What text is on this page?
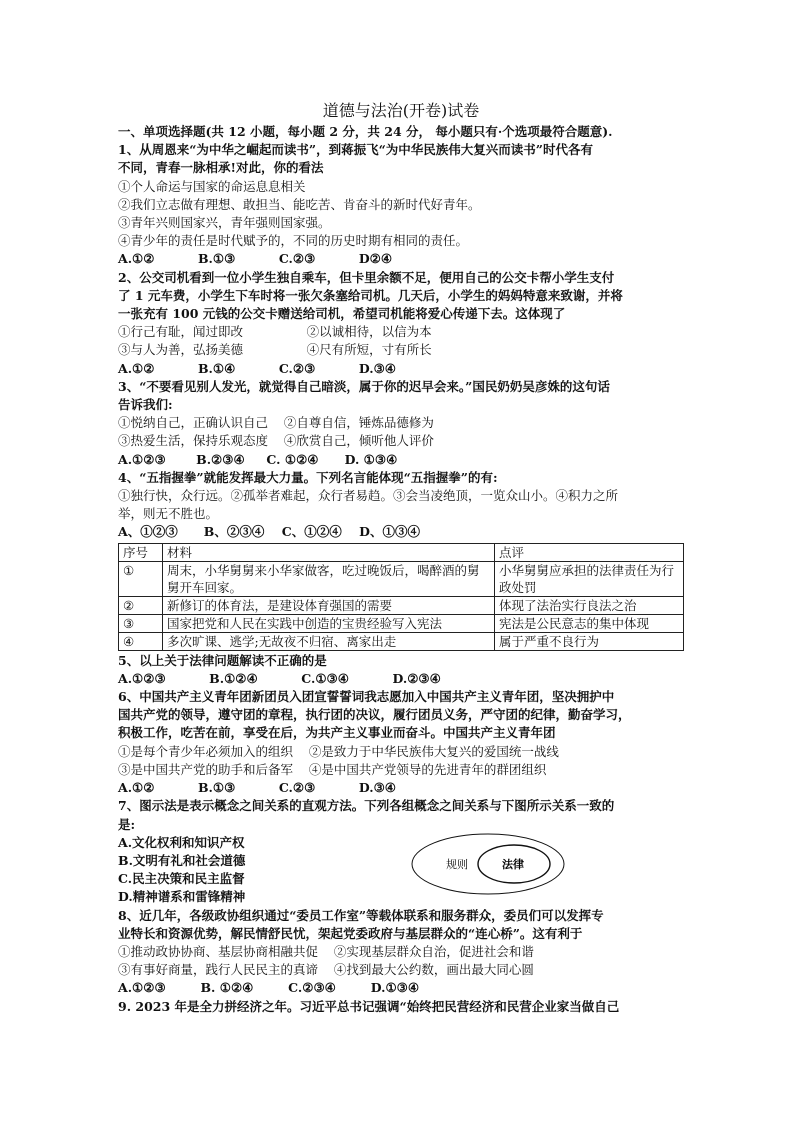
道德与法治(开卷)试卷
一、单项选择题(共 12 小题，每小题 2 分，共 24 分， 每小题只有·个选项最符合题意).
1、从周恩来“为中华之崛起而读书”，到蒋振飞“为中华民族伟大复兴而读书”时代各有
不同，青春一脉相承!对此，你的看法
①个人命运与国家的命运息息相关
②我们立志做有理想、敢担当、能吃苦、肯奋斗的新时代好青年。
③青年兴则国家兴，青年强则国家强。
④青少年的责任是时代赋予的，不同的历史时期有相同的责任。
A.①②          B.①③          C.②③          D②④
2、公交司机看到一位小学生独自乘车，但卡里余额不足，便用自己的公交卡帮小学生支付
了 1 元车费，小学生下车时将一张欠条塞给司机。几天后，小学生的妈妈特意来致谢，并将
一张充有 100 元钱的公交卡赠送给司机，希望司机能将爱心传递下去。这体现了
①行己有耻，闻过即改                ②以诚相待，以信为本
③与人为善，弘扬美德                ④尺有所短，寸有所长
A.①②          B.①④          C.②③          D.③④
3、“不要看见别人发光，就觉得自己暗淡，属于你的迟早会来。”国民奶奶吴彦姝的这句话
告诉我们:
①悦纳自己，正确认识自己    ②自尊自信，锤炼品德修为
③热爱生活，保持乐观态度    ④欣赏自己，倾听他人评价
A.①②③       B.②③④     C. ①②④      D. ①③④
4、“五指握拳”就能发挥最大力量。下列名言能体现“五指握拳”的有:
①独行快，众行远。②孤举者难起，众行者易趋。③会当凌绝顶，一览众山小。④积力之所
举，则无不胜也。
A、①②③      B、②③④    C、①②④    D、①③④
序号	材料	点评
①	周末，小华舅舅来小华家做客，吃过晚饭后，喝醉酒的舅舅开车回家。	小华舅舅应承担的法律责任为行政处罚
②	新修订的体育法，是建设体育强国的需要	体现了法治实行良法之治
③	国家把党和人民在实践中创造的宝贵经验写入宪法	宪法是公民意志的集中体现
④	多次旷课、逃学;无故夜不归宿、离家出走	属于严重不良行为
5、以上关于法律问题解读不正确的是
A.①②③          B.①②④          C.①③④          D.②③④
6、中国共产主义青年团新团员入团宣誓誓词我志愿加入中国共产主义青年团，坚决拥护中
国共产党的领导，遵守团的章程，执行团的决议，履行团员义务，严守团的纪律，勤奋学习，
积极工作，吃苦在前，享受在后，为共产主义事业而奋斗。中国共产主义青年团
①是每个青少年必须加入的组织    ②是致力于中华民族伟大复兴的爱国统一战线
③是中国共产党的助手和后备军    ④是中国共产党领导的先进青年的群团组织
A.①②          B.①③          C.②③          D.③④
7、图示法是表示概念之间关系的直观方法。下列各组概念之间关系与下图所示关系一致的
是:
A.文化权利和知识产权
B.文明有礼和社会道德
C.民主决策和民主监督
D.精神谱系和雷锋精神
8、近几年，各级政协组织通过“委员工作室”等载体联系和服务群众，委员们可以发挥专
业特长和资源优势，解民情舒民忧，架起党委政府与基层群众的“连心桥”。这有利于
①推动政协协商、基层协商相融共促    ②实现基层群众自治，促进社会和谐
③有事好商量，践行人民民主的真谛    ④找到最大公约数，画出最大同心圆
A.①②③        B. ①②④        C.②③④        D.①③④
9. 2023 年是全力拼经济之年。习近平总书记强调“始终把民营经济和民营企业家当做自己
规则	法律
